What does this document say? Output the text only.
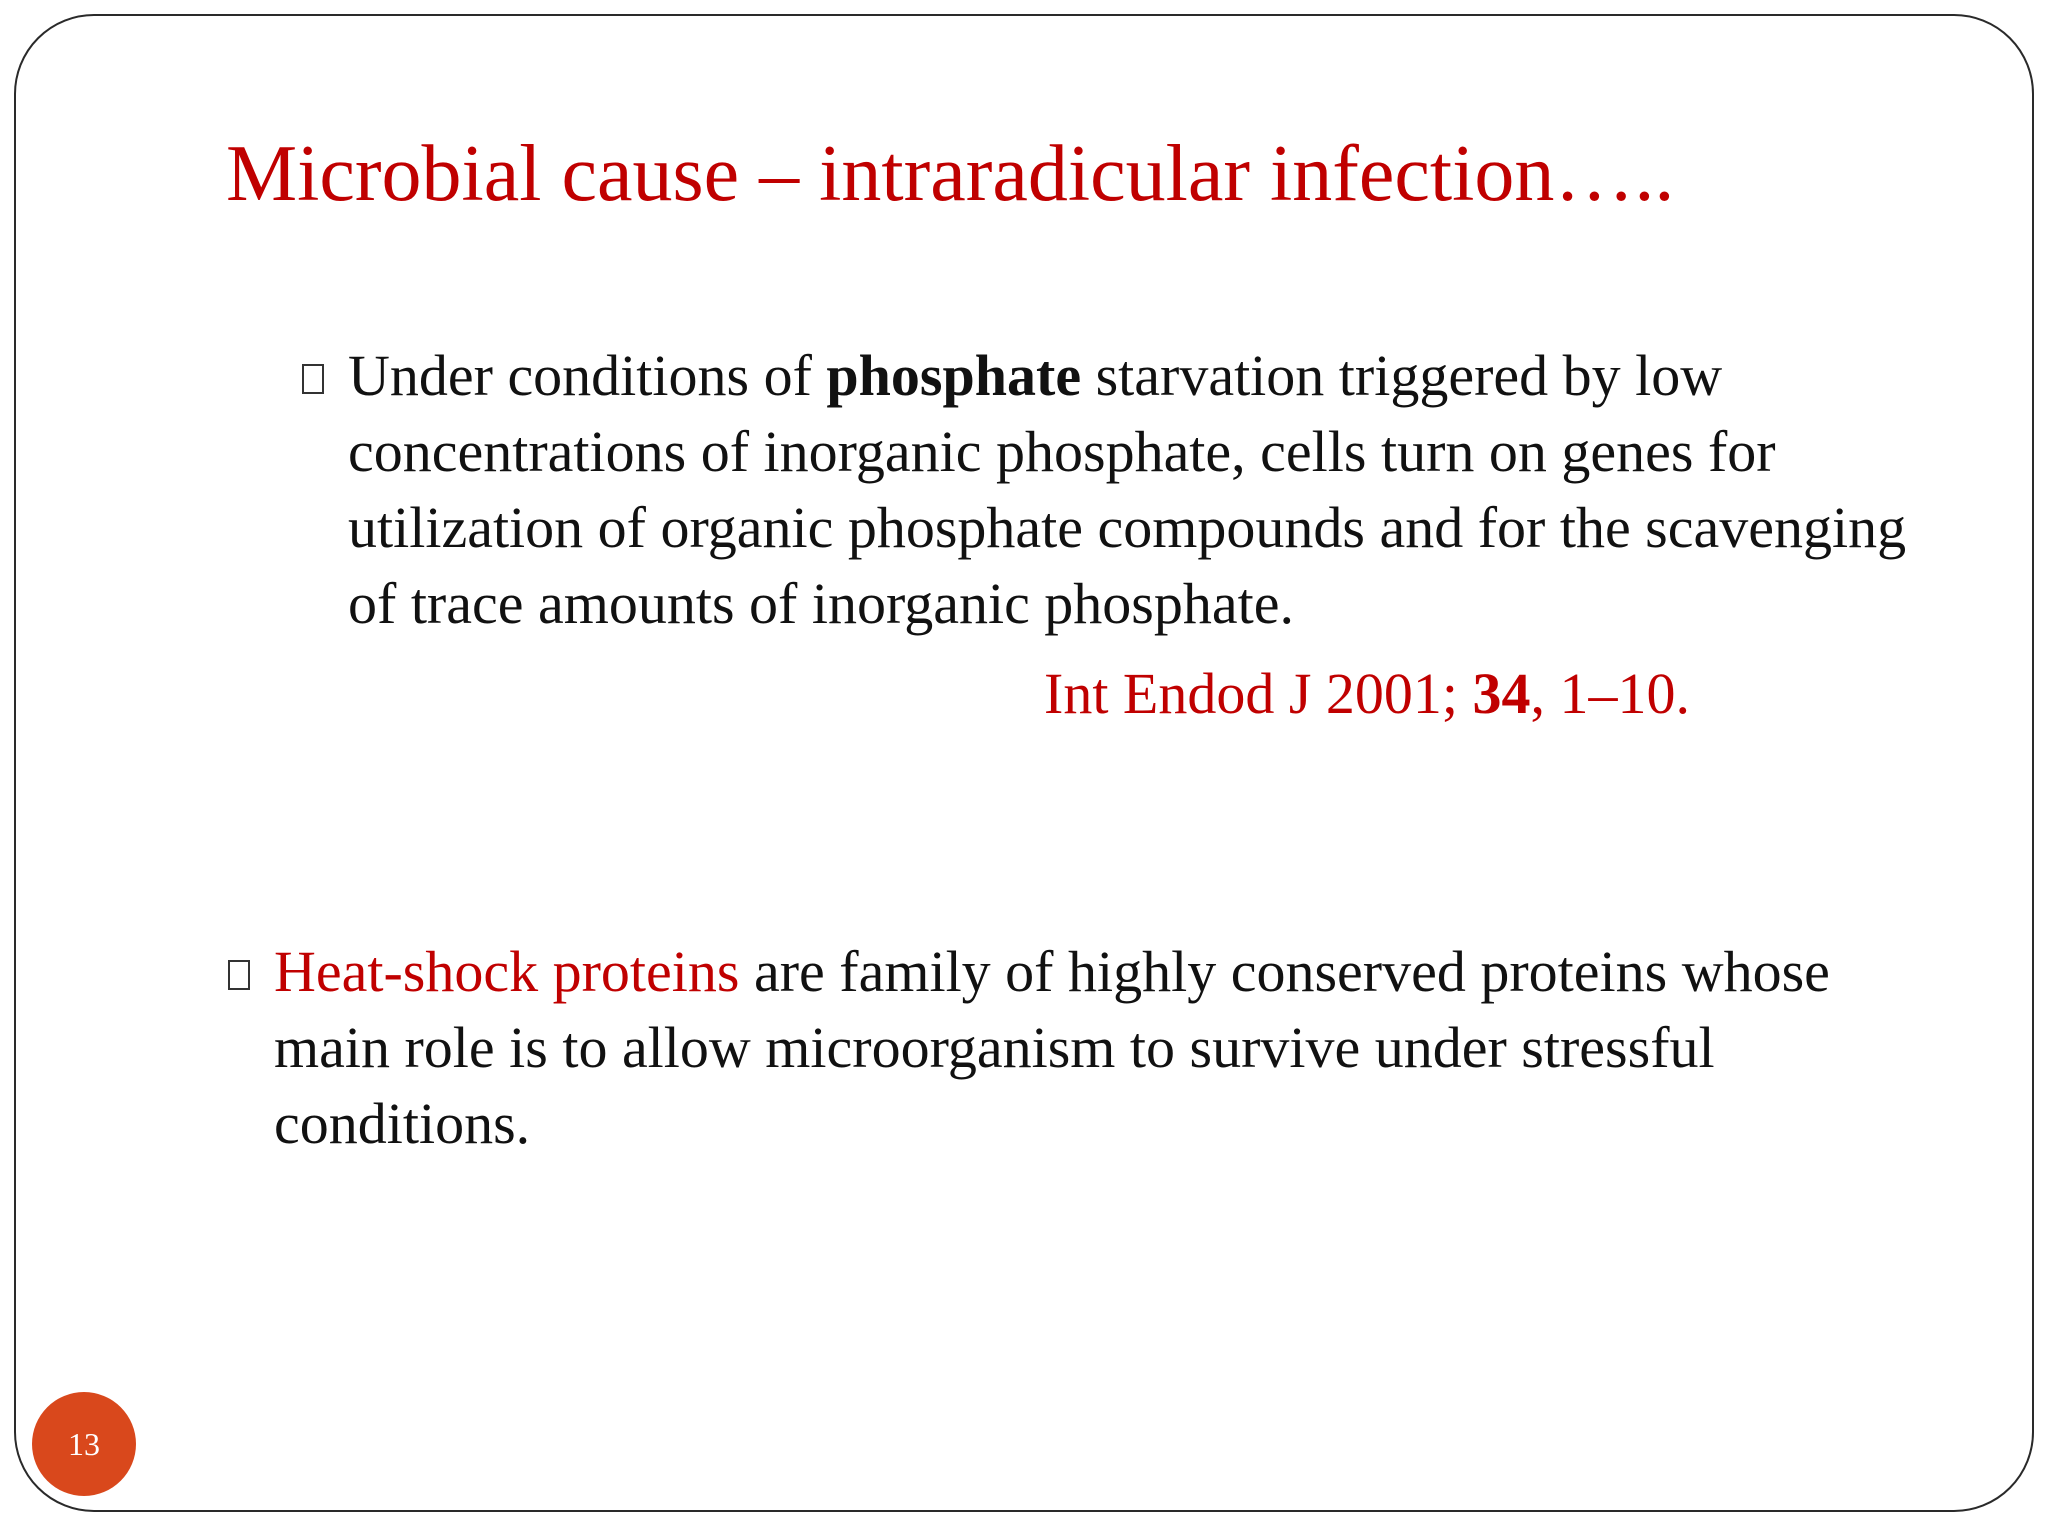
Microbial cause – intraradicular infection…..
Under conditions of phosphate starvation triggered by low concentrations of inorganic phosphate, cells turn on genes for utilization of organic phosphate compounds and for the scavenging of trace amounts of inorganic phosphate.
Int Endod J 2001; 34, 1–10.
Heat-shock proteins are family of highly conserved proteins whose main role is to allow microorganism to survive under stressful conditions.
13
